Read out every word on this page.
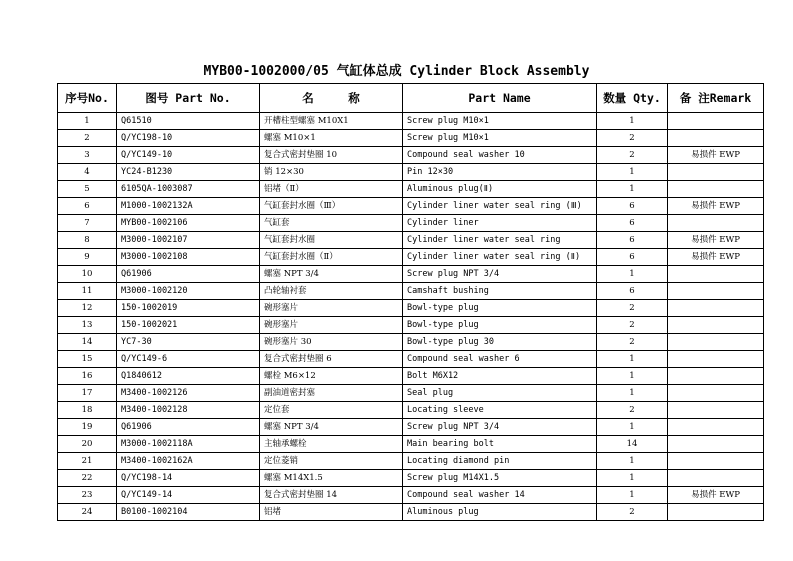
MYB00-1002000/05 气缸体总成 Cylinder Block Assembly
序号No.	图号 Part No.	名　　　称	Part Name	数量 Qty.	备 注Remark
1	Q61510	开槽柱型螺塞 M10X1	Screw plug M10×1	1	
2	Q/YC198-10	螺塞 M10×1	Screw plug M10×1	2	
3	Q/YC149-10	复合式密封垫圈 10	Compound seal washer 10	2	易损件 EWP
4	YC24-B1230	销 12×30	Pin 12×30	1	
5	6105QA-1003087	铝堵（Ⅱ）	Aluminous plug(Ⅱ)	1	
6	M1000-1002132A	气缸套封水圈（Ⅲ）	Cylinder liner water seal ring (Ⅲ)	6	易损件 EWP
7	MYB00-1002106	气缸套	Cylinder liner	6	
8	M3000-1002107	气缸套封水圈	Cylinder liner water seal ring	6	易损件 EWP
9	M3000-1002108	气缸套封水圈（Ⅱ）	Cylinder liner water seal ring (Ⅱ)	6	易损件 EWP
10	Q61906	螺塞 NPT 3/4	Screw plug NPT 3/4	1	
11	M3000-1002120	凸轮轴衬套	Camshaft bushing	6	
12	150-1002019	碗形塞片	Bowl-type plug	2	
13	150-1002021	碗形塞片	Bowl-type plug	2	
14	YC7-30	碗形塞片 30	Bowl-type plug 30	2	
15	Q/YC149-6	复合式密封垫圈 6	Compound seal washer 6	1	
16	Q1840612	螺栓 M6×12	Bolt M6X12	1	
17	M3400-1002126	副油道密封塞	Seal plug	1	
18	M3400-1002128	定位套	Locating sleeve	2	
19	Q61906	螺塞 NPT 3/4	Screw plug NPT 3/4	1	
20	M3000-1002118A	主轴承螺栓	Main bearing bolt	14	
21	M3400-1002162A	定位菱销	Locating diamond pin	1	
22	Q/YC198-14	螺塞 M14X1.5	Screw plug M14X1.5	1	
23	Q/YC149-14	复合式密封垫圈 14	Compound seal washer 14	1	易损件 EWP
24	B0100-1002104	铝堵	Aluminous plug	2	
